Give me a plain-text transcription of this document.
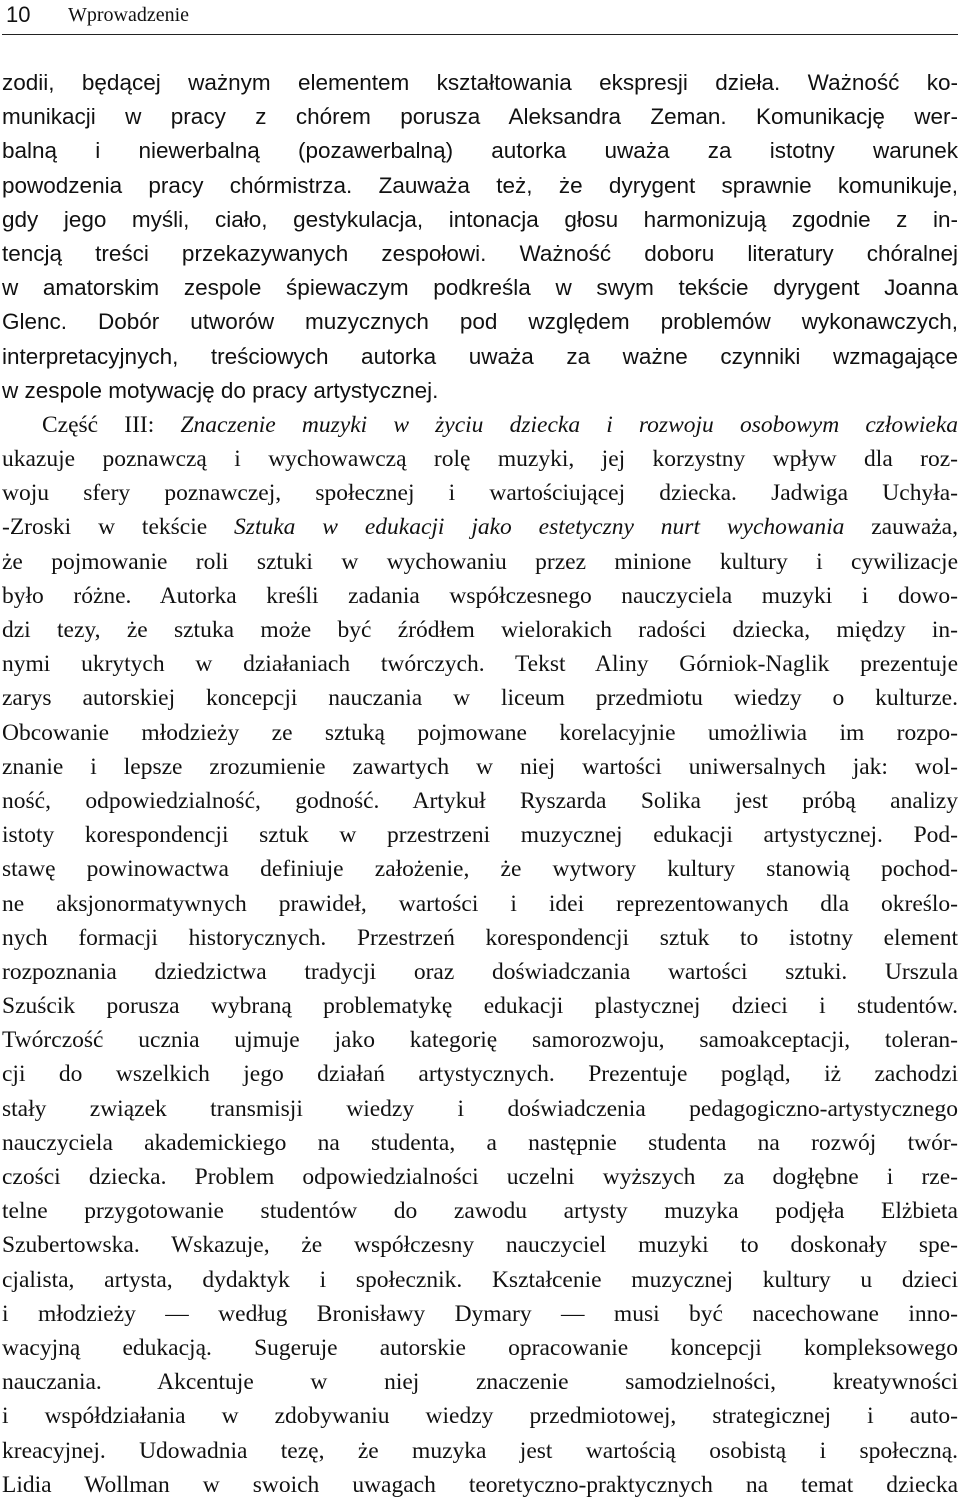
10 Wprowadzenie
zodii, będącej ważnym elementem kształtowania ekspresji dzieła. Ważność ko-
munikacji w pracy z chórem porusza Aleksandra Zeman. Komunikację wer-
balną i niewerbalną (pozawerbalną) autorka uważa za istotny warunek
powodzenia pracy chórmistrza. Zauważa też, że dyrygent sprawnie komunikuje,
gdy jego myśli, ciało, gestykulacja, intonacja głosu harmonizują zgodnie z in-
tencją treści przekazywanych zespołowi. Ważność doboru literatury chóralnej
w amatorskim zespole śpiewaczym podkreśla w swym tekście dyrygent Joanna
Glenc. Dobór utworów muzycznych pod względem problemów wykonawczych,
interpretacyjnych, treściowych autorka uważa za ważne czynniki wzmagające
w zespole motywację do pracy artystycznej.
Część III: Znaczenie muzyki w życiu dziecka i rozwoju osobowym człowieka
ukazuje poznawczą i wychowawczą rolę muzyki, jej korzystny wpływ dla roz-
woju sfery poznawczej, społecznej i wartościującej dziecka. Jadwiga Uchyła-
-Zroski w tekście Sztuka w edukacji jako estetyczny nurt wychowania zauważa,
że pojmowanie roli sztuki w wychowaniu przez minione kultury i cywilizacje
było różne. Autorka kreśli zadania współczesnego nauczyciela muzyki i dowo-
dzi tezy, że sztuka może być źródłem wielorakich radości dziecka, między in-
nymi ukrytych w działaniach twórczych. Tekst Aliny Górniok-Naglik prezentuje
zarys autorskiej koncepcji nauczania w liceum przedmiotu wiedzy o kulturze.
Obcowanie młodzieży ze sztuką pojmowane korelacyjnie umożliwia im rozpo-
znanie i lepsze zrozumienie zawartych w niej wartości uniwersalnych jak: wol-
ność, odpowiedzialność, godność. Artykuł Ryszarda Solika jest próbą analizy
istoty korespondencji sztuk w przestrzeni muzycznej edukacji artystycznej. Pod-
stawę powinowactwa definiuje założenie, że wytwory kultury stanowią pochod-
ne aksjonormatywnych prawideł, wartości i idei reprezentowanych dla określo-
nych formacji historycznych. Przestrzeń korespondencji sztuk to istotny element
rozpoznania dziedzictwa tradycji oraz doświadczania wartości sztuki. Urszula
Szuścik porusza wybraną problematykę edukacji plastycznej dzieci i studentów.
Twórczość ucznia ujmuje jako kategorię samorozwoju, samoakceptacji, toleran-
cji do wszelkich jego działań artystycznych. Prezentuje pogląd, iż zachodzi
stały związek transmisji wiedzy i doświadczenia pedagogiczno-artystycznego
nauczyciela akademickiego na studenta, a następnie studenta na rozwój twór-
czości dziecka. Problem odpowiedzialności uczelni wyższych za dogłębne i rze-
telne przygotowanie studentów do zawodu artysty muzyka podjęła Elżbieta
Szubertowska. Wskazuje, że współczesny nauczyciel muzyki to doskonały spe-
cjalista, artysta, dydaktyk i społecznik. Kształcenie muzycznej kultury u dzieci
i młodzieży — według Bronisławy Dymary — musi być nacechowane inno-
wacyjną edukacją. Sugeruje autorskie opracowanie koncepcji kompleksowego
nauczania. Akcentuje w niej znaczenie samodzielności, kreatywności
i współdziałania w zdobywaniu wiedzy przedmiotowej, strategicznej i auto-
kreacyjnej. Udowadnia tezę, że muzyka jest wartością osobistą i społeczną.
Lidia Wollman w swoich uwagach teoretyczno-praktycznych na temat dziecka
